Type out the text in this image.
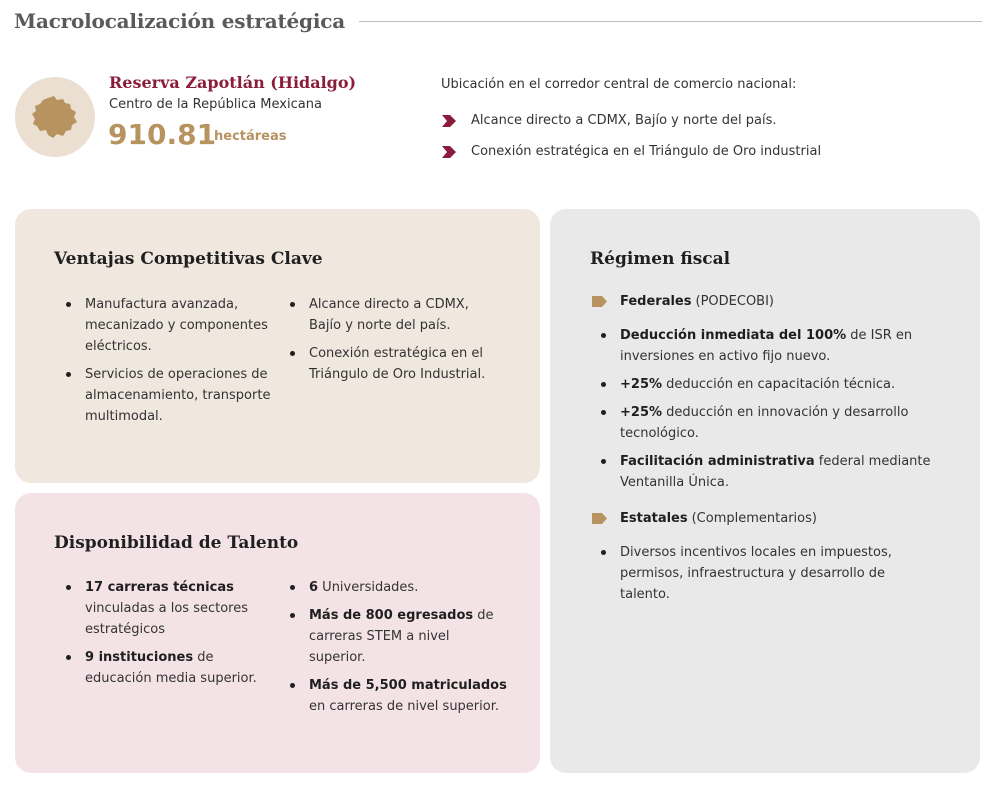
Macrolocalización estratégica
Reserva Zapotlán (Hidalgo)
Centro de la República Mexicana
910.81
hectáreas
Ubicación en el corredor central de comercio nacional:
Alcance directo a CDMX, Bajío y norte del país.
Conexión estratégica en el Triángulo de Oro industrial
Ventajas Competitivas Clave
Manufactura avanzada, mecanizado y componentes eléctricos.
Servicios de operaciones de almacenamiento, transporte multimodal.
Alcance directo a CDMX, Bajío y norte del país.
Conexión estratégica en el Triángulo de Oro Industrial.
Disponibilidad de Talento
17 carreras técnicas vinculadas a los sectores estratégicos
9 instituciones de educación media superior.
6 Universidades.
Más de 800 egresados de carreras STEM a nivel superior.
Más de 5,500 matriculados en carreras de nivel superior.
Régimen fiscal
Federales (PODECOBI)
Deducción inmediata del 100% de ISR en inversiones en activo fijo nuevo.
+25% deducción en capacitación técnica.
+25% deducción en innovación y desarrollo tecnológico.
Facilitación administrativa federal mediante Ventanilla Única.
Estatales (Complementarios)
Diversos incentivos locales en impuestos, permisos, infraestructura y desarrollo de talento.
